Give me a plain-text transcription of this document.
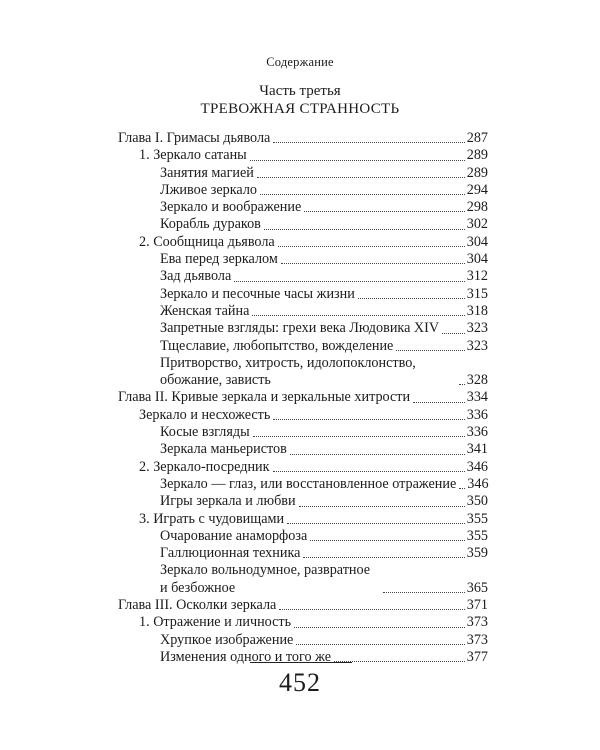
Содержание
Часть третья
ТРЕВОЖНАЯ СТРАННОСТЬ
Глава I. Гримасы дьявола	287
1. Зеркало сатаны	289
Занятия магией	289
Лживое зеркало	294
Зеркало и воображение	298
Корабль дураков	302
2. Сообщница дьявола	304
Ева перед зеркалом	304
Зад дьявола	312
Зеркало и песочные часы жизни	315
Женская тайна	318
Запретные взгляды: грехи века Людовика XIV 323
Тщеславие, любопытство, вожделение	323
Притворство, хитрость, идолопоклонство, обожание, зависть	328
Глава II. Кривые зеркала и зеркальные хитрости	334
Зеркало и несхожесть	336
Косые взгляды	336
Зеркала маньеристов	341
2. Зеркало-посредник	346
Зеркало — глаз, или восстановленное отражение 346
Игры зеркала и любви	350
3. Играть с чудовищами	355
Очарование анаморфоза	355
Галлюционная техника	359
Зеркало вольнодумное, развратное и безбожное	365
Глава III. Осколки зеркала	371
1. Отражение и личность	373
Хрупкое изображение	373
Изменения одного и того же	377
452
